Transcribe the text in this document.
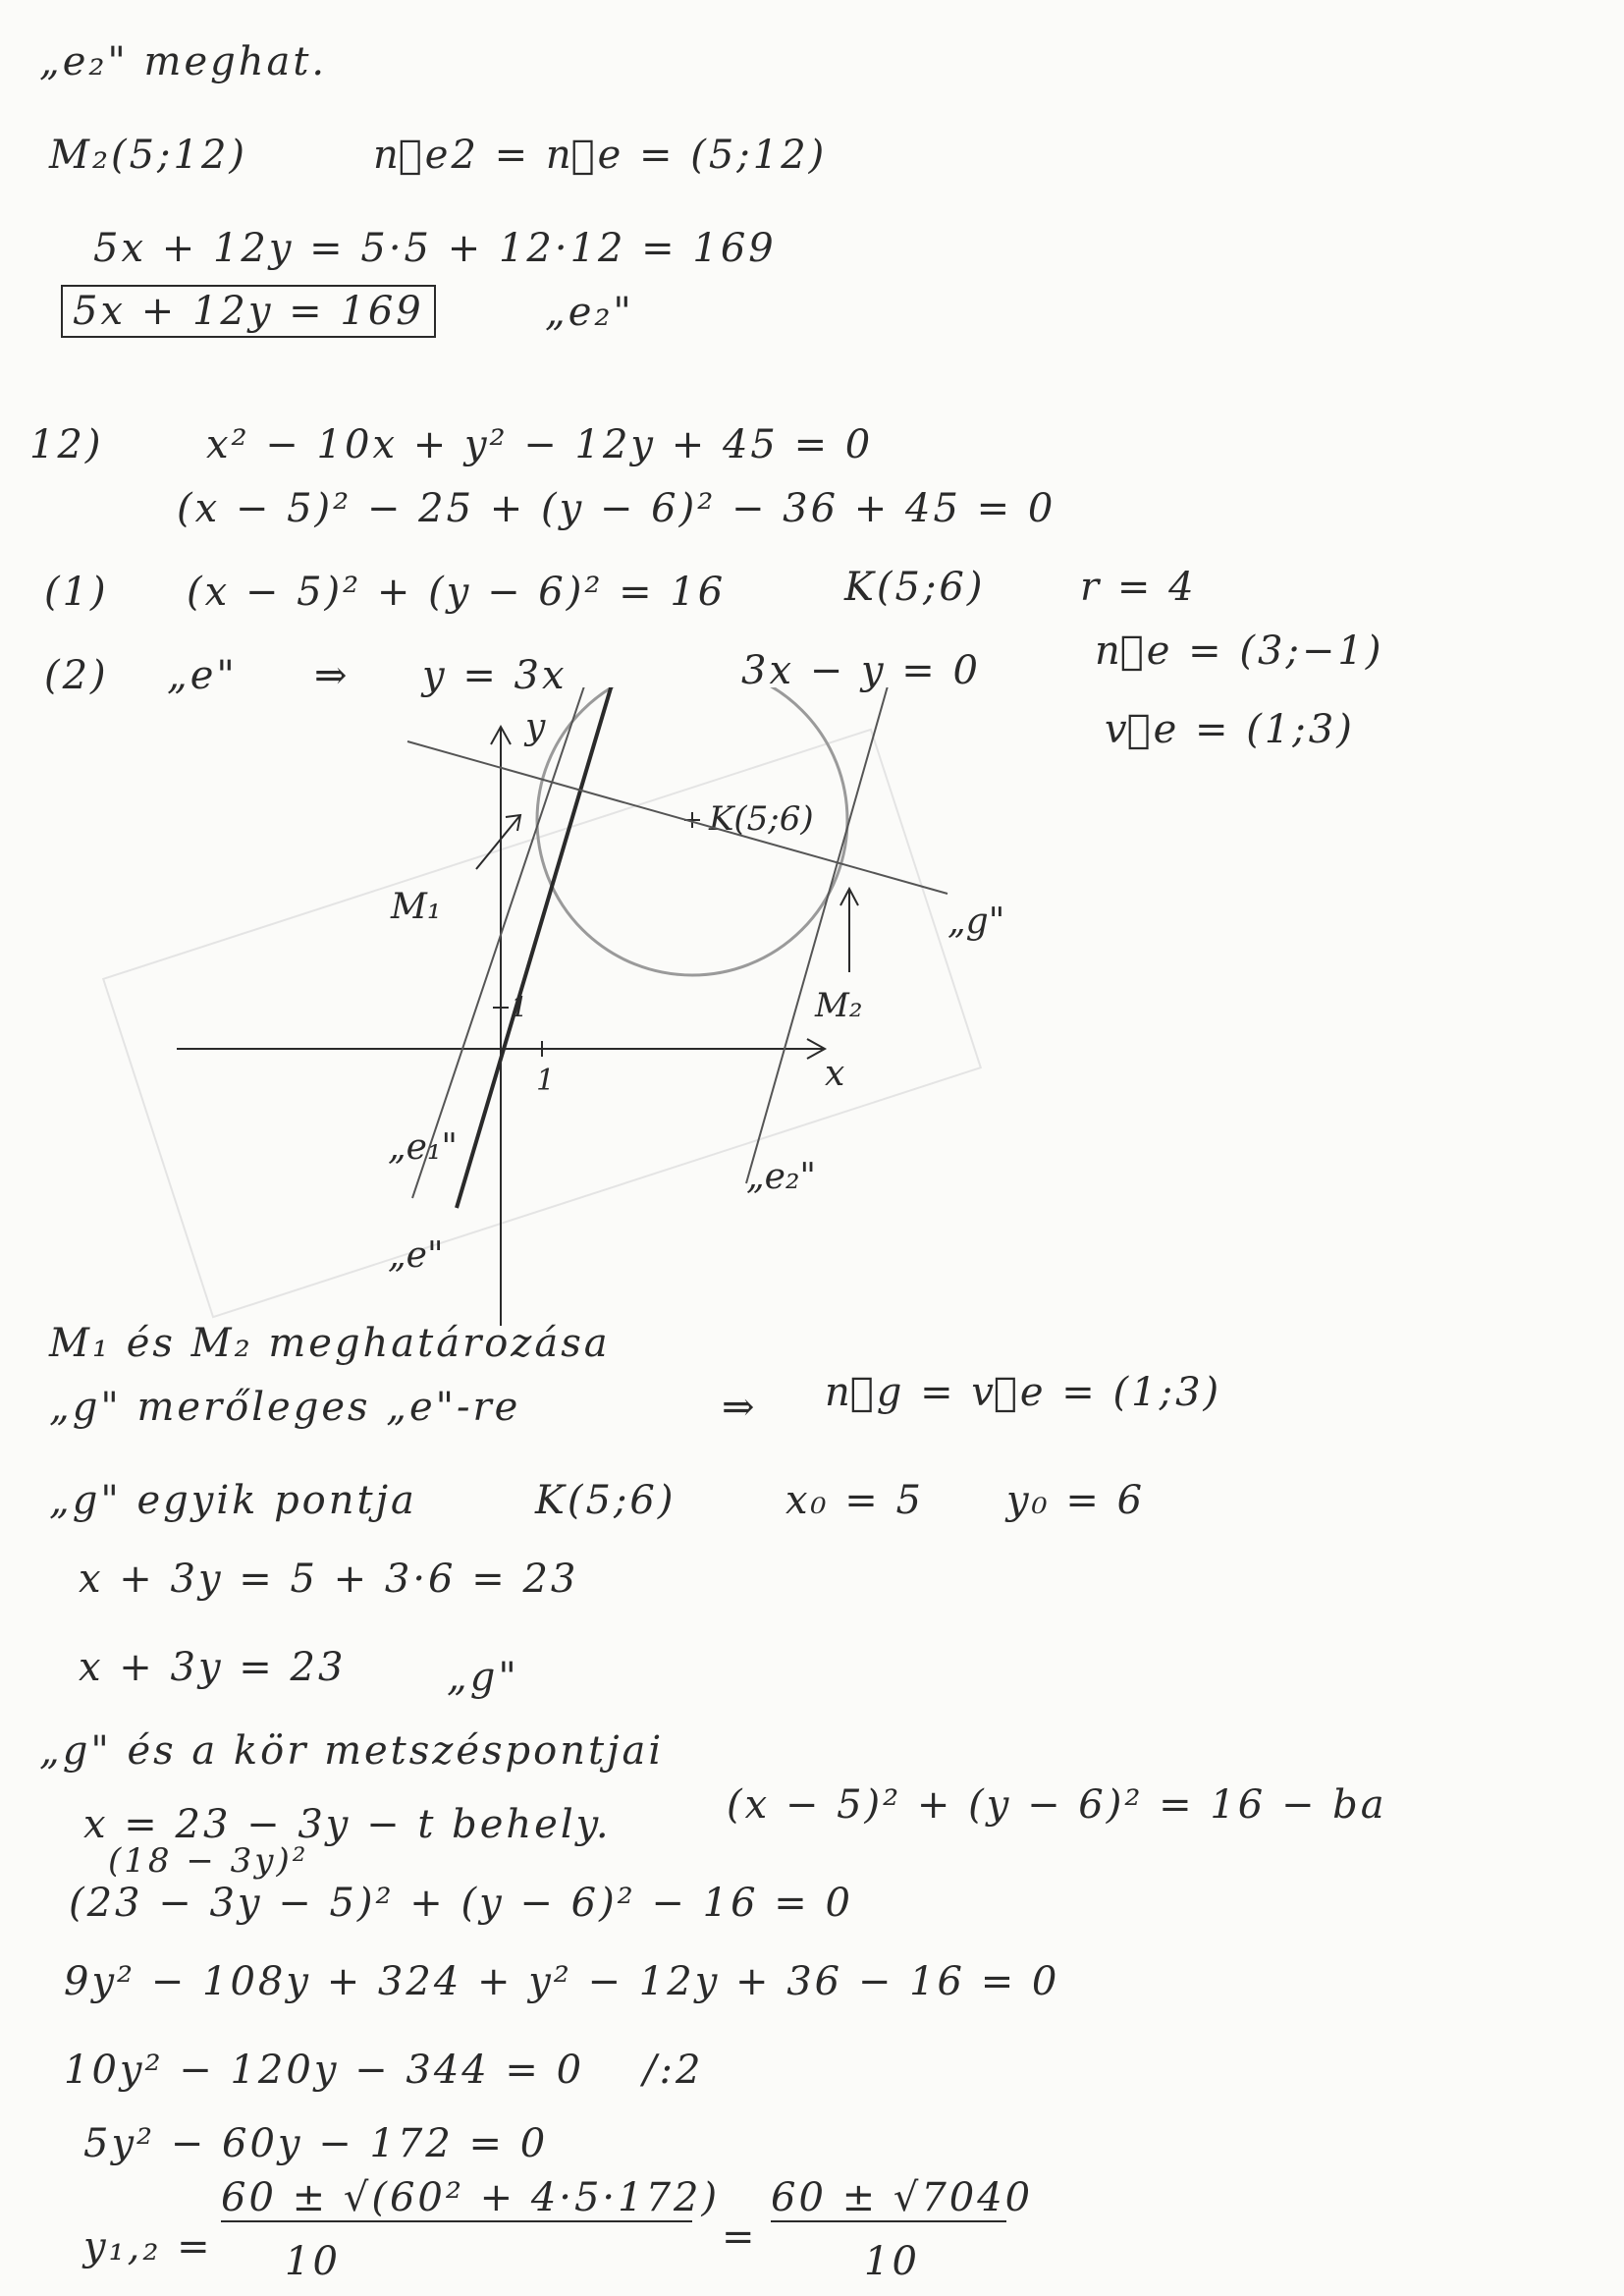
„e₂" meghat.
M₂(5;12)	n⃗e2 = n⃗e = (5;12)
5x + 12y = 5·5 + 12·12 = 169
5x + 12y = 169	„e₂"
12)	x² − 10x + y² − 12y + 45 = 0
(x − 5)² − 25 + (y − 6)² − 36 + 45 = 0
(1) (x − 5)² + (y − 6)² = 16	K(5;6) r = 4
(2) „e" ⇒ y = 3x	3x − y = 0	n⃗e = (3;−1)
v⃗e = (1;3)
y
x
1
1
K(5;6)
„g"
M₁
M₂
„e₁"
„e"
„e₂"
M₁ és M₂ meghatározása
„g" merőleges „e"-re	⇒ n⃗g = v⃗e = (1;3)
„g" egyik pontja	K(5;6)	x₀ = 5 y₀ = 6
x + 3y = 5 + 3·6 = 23
x + 3y = 23	„g"
„g" és a kör metszéspontjai
x = 23 − 3y − t behely.	(x − 5)² + (y − 6)² = 16 − ba
(18 − 3y)²
(23 − 3y − 5)² + (y − 6)² − 16 = 0
9y² − 108y + 324 + y² − 12y + 36 − 16 = 0
10y² − 120y − 344 = 0 /:2
5y² − 60y − 172 = 0
y₁,₂ =
60 ± √(60² + 4·5·172)
10
=
60 ± √7040
10
